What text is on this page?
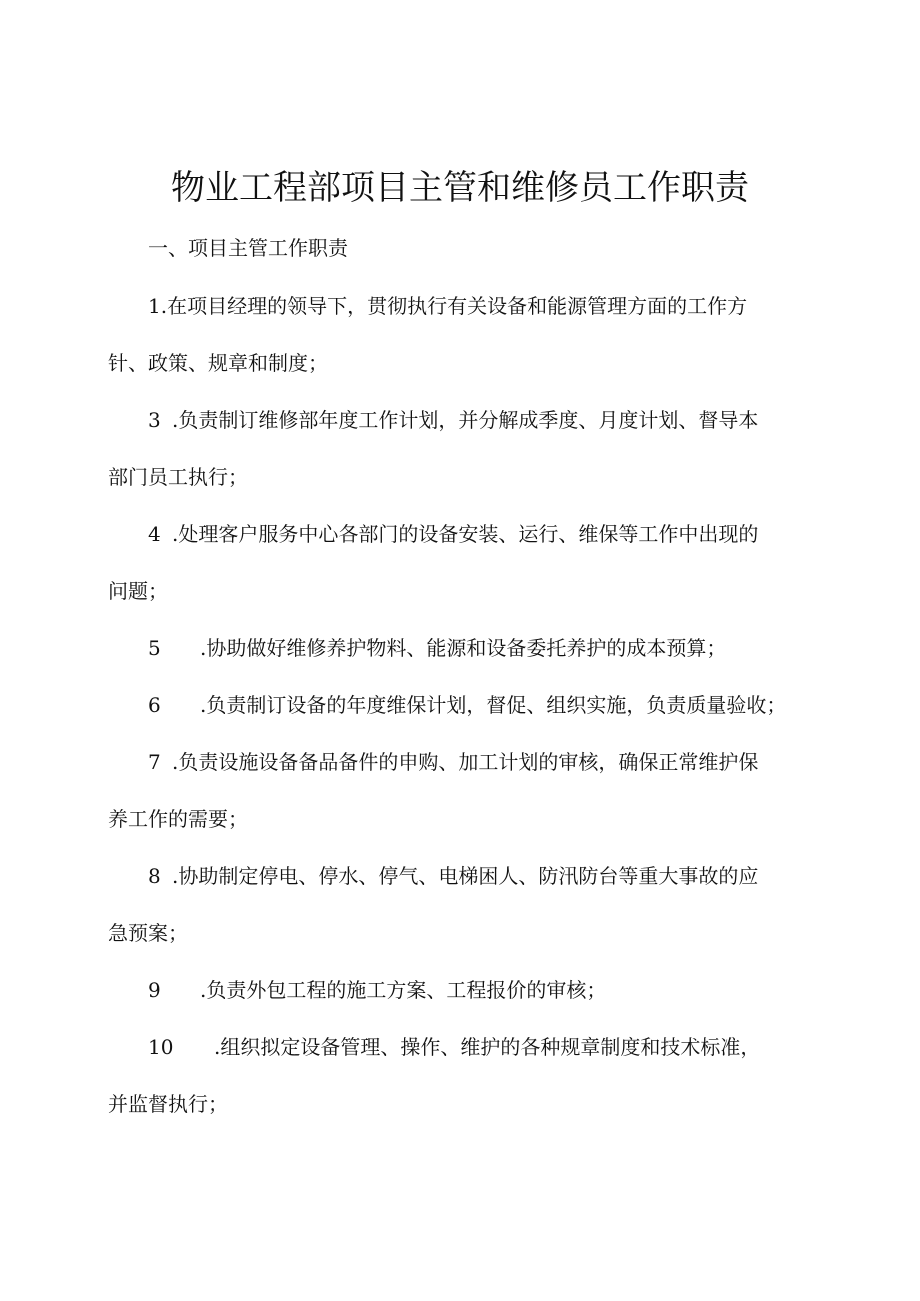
物业工程部项目主管和维修员工作职责
一、项目主管工作职责
1.在项目经理的领导下，贯彻执行有关设备和能源管理方面的工作方
针、政策、规章和制度；
3 .负责制订维修部年度工作计划，并分解成季度、月度计划、督导本
部门员工执行；
4 .处理客户服务中心各部门的设备安装、运行、维保等工作中出现的
问题；
5 .协助做好维修养护物料、能源和设备委托养护的成本预算；
6 .负责制订设备的年度维保计划，督促、组织实施，负责质量验收；
7 .负责设施设备备品备件的申购、加工计划的审核，确保正常维护保
养工作的需要；
8 .协助制定停电、停水、停气、电梯困人、防汛防台等重大事故的应
急预案；
9 .负责外包工程的施工方案、工程报价的审核；
10 .组织拟定设备管理、操作、维护的各种规章制度和技术标准，
并监督执行；
